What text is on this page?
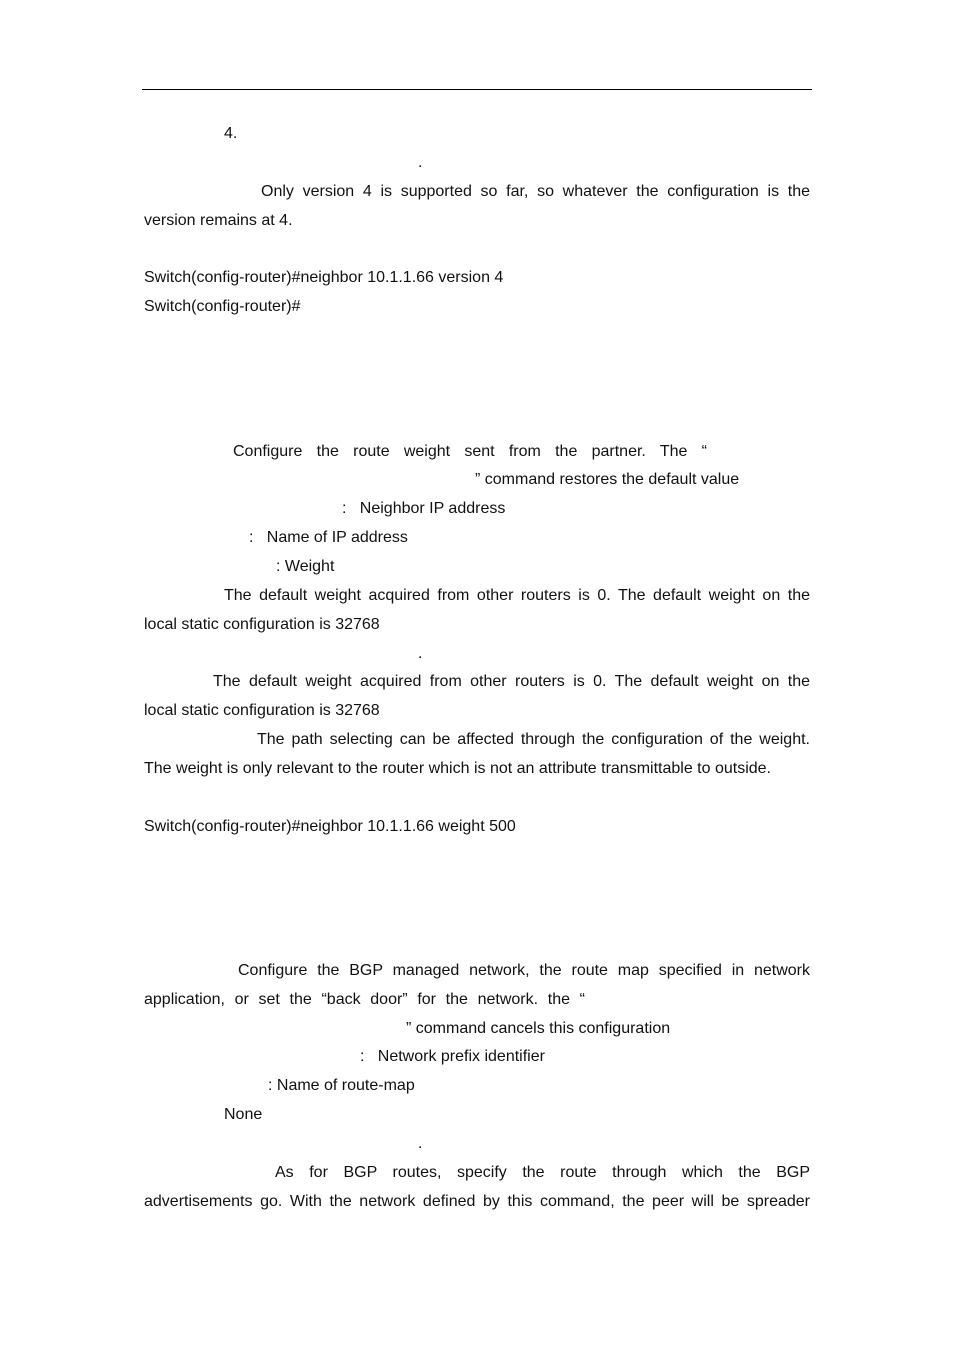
4.
.
Only version 4 is supported so far, so whatever the configuration is the
version remains at 4.
Switch(config-router)#neighbor 10.1.1.66 version 4
Switch(config-router)#
Configure the route weight sent from the partner. The “
” command restores the default value
:   Neighbor IP address
:   Name of IP address
: Weight
The default weight acquired from other routers is 0. The default weight on the
local static configuration is 32768
.
The default weight acquired from other routers is 0. The default weight on the
local static configuration is 32768
The path selecting can be affected through the configuration of the weight.
The weight is only relevant to the router which is not an attribute transmittable to outside.
Switch(config-router)#neighbor 10.1.1.66 weight 500
Configure the BGP managed network, the route map specified in network
application, or set the “back door” for the network. the “
” command cancels this configuration
:   Network prefix identifier
: Name of route-map
None
.
As for BGP routes, specify the route through which the BGP
advertisements go. With the network defined by this command, the peer will be spreader
